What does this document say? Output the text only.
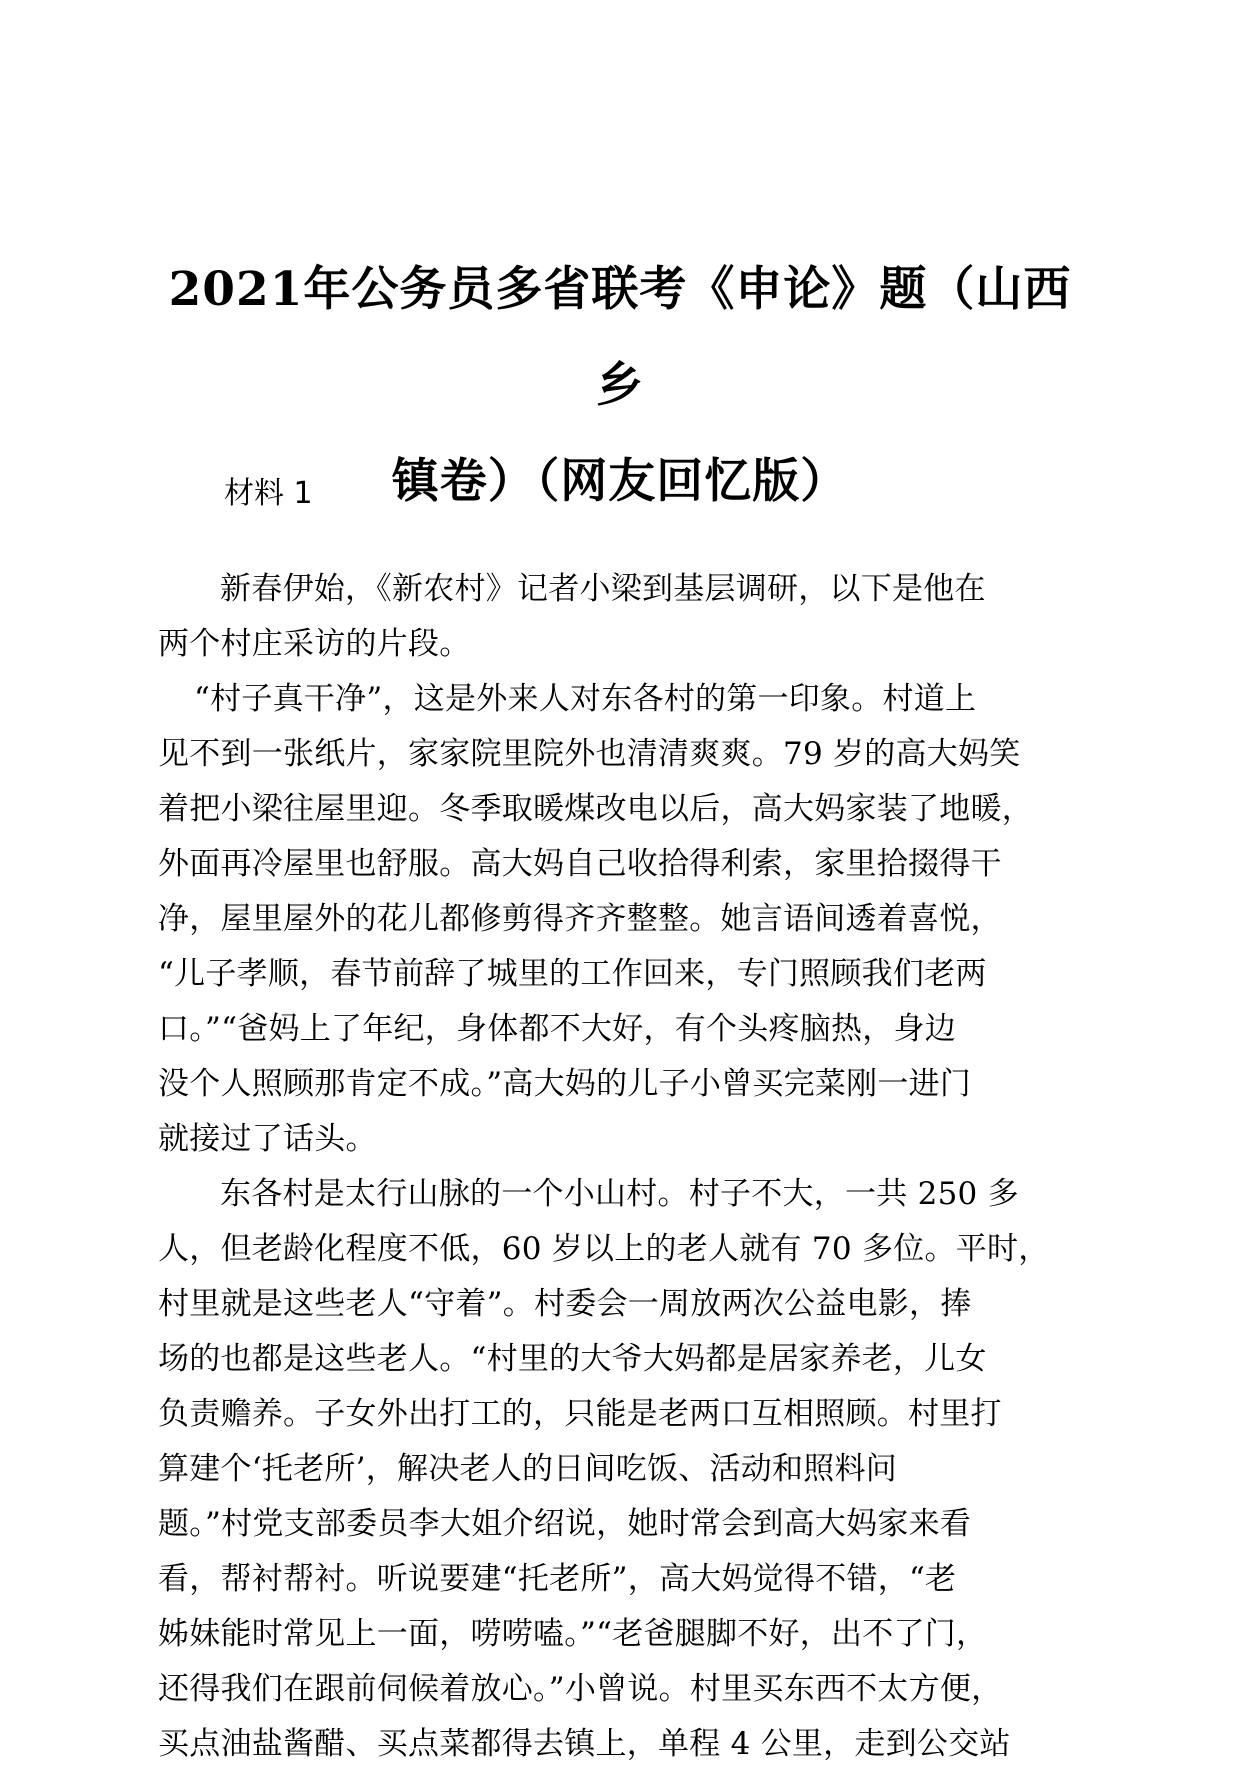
2021年公务员多省联考《申论》题（山西乡
镇卷）（网友回忆版）

材料 1

新春伊始，《新农村》记者小梁到基层调研，以下是他在
两个村庄采访的片段。
“村子真干净”，这是外来人对东各村的第一印象。村道上
见不到一张纸片，家家院里院外也清清爽爽。79 岁的高大妈笑
着把小梁往屋里迎。冬季取暖煤改电以后，高大妈家装了地暖，
外面再冷屋里也舒服。高大妈自己收拾得利索，家里拾掇得干
净，屋里屋外的花儿都修剪得齐齐整整。她言语间透着喜悦，
“儿子孝顺，春节前辞了城里的工作回来，专门照顾我们老两
口。”“爸妈上了年纪，身体都不大好，有个头疼脑热，身边
没个人照顾那肯定不成。”高大妈的儿子小曾买完菜刚一进门
就接过了话头。
东各村是太行山脉的一个小山村。村子不大，一共 250 多
人，但老龄化程度不低，60 岁以上的老人就有 70 多位。平时，
村里就是这些老人“守着”。村委会一周放两次公益电影，捧
场的也都是这些老人。“村里的大爷大妈都是居家养老，儿女
负责赡养。子女外出打工的，只能是老两口互相照顾。村里打
算建个‘托老所’，解决老人的日间吃饭、活动和照料问
题。”村党支部委员李大姐介绍说，她时常会到高大妈家来看
看，帮衬帮衬。听说要建“托老所”，高大妈觉得不错，“老
姊妹能时常见上一面，唠唠嗑。”“老爸腿脚不好，出不了门，
还得我们在跟前伺候着放心。”小曾说。村里买东西不太方便，
买点油盐酱醋、买点菜都得去镇上，单程 4 公里，走到公交站
